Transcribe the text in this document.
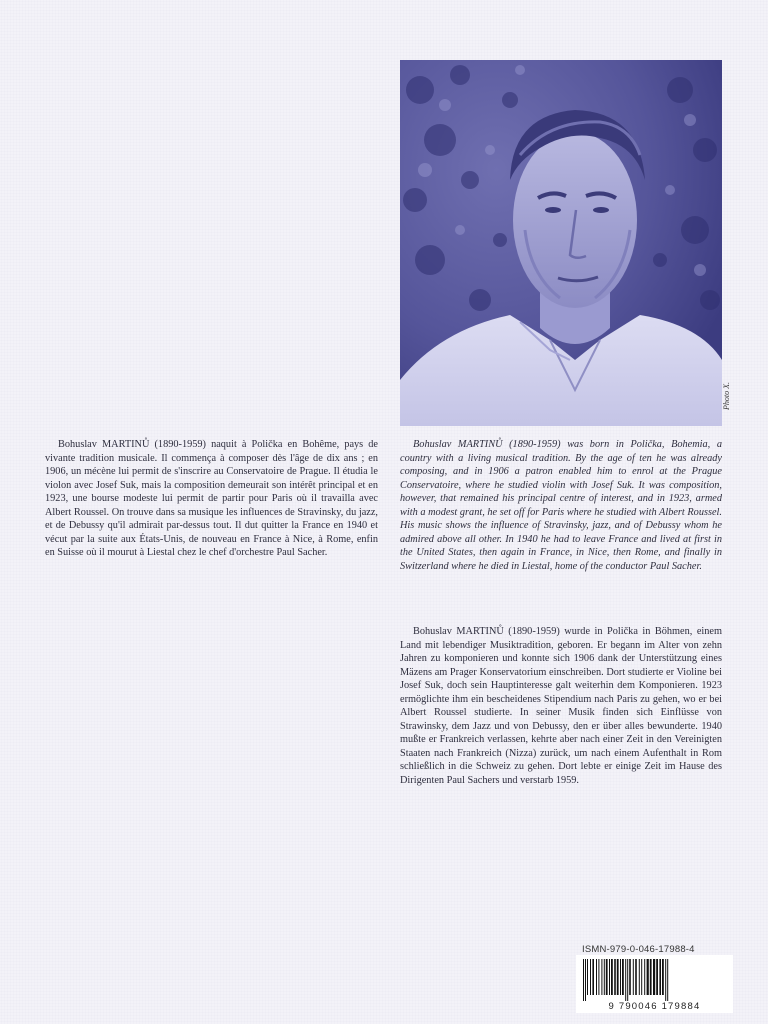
Photo X.

Bohuslav MARTINŮ (1890-1959) naquit à Polička en Bohême, pays de vivante tradition musicale. Il commença à composer dès l'âge de dix ans ; en 1906, un mécène lui permit de s'inscrire au Conservatoire de Prague. Il étudia le violon avec Josef Suk, mais la composition demeurait son intérêt principal et en 1923, une bourse modeste lui permit de partir pour Paris où il travailla avec Albert Roussel. On trouve dans sa musique les influences de Stravinsky, du jazz, et de Debussy qu'il admirait par-dessus tout. Il dut quitter la France en 1940 et vécut par la suite aux États-Unis, de nouveau en France à Nice, à Rome, enfin en Suisse où il mourut à Liestal chez le chef d'orchestre Paul Sacher.

Bohuslav MARTINŮ (1890-1959) was born in Polička, Bohemia, a country with a living musical tradition. By the age of ten he was already composing, and in 1906 a patron enabled him to enrol at the Prague Conservatoire, where he studied violin with Josef Suk. It was composition, however, that remained his principal centre of interest, and in 1923, armed with a modest grant, he set off for Paris where he studied with Albert Roussel. His music shows the influence of Stravinsky, jazz, and of Debussy whom he admired above all other. In 1940 he had to leave France and lived at first in the United States, then again in France, in Nice, then Rome, and finally in Switzerland where he died in Liestal, home of the conductor Paul Sacher.

Bohuslav MARTINŮ (1890-1959) wurde in Polička in Böhmen, einem Land mit lebendiger Musiktradition, geboren. Er begann im Alter von zehn Jahren zu komponieren und konnte sich 1906 dank der Unterstützung eines Mäzens am Prager Konservatorium einschreiben. Dort studierte er Violine bei Josef Suk, doch sein Hauptinteresse galt weiterhin dem Komponieren. 1923 ermöglichte ihm ein bescheidenes Stipendium nach Paris zu gehen, wo er bei Albert Roussel studierte. In seiner Musik finden sich Einflüsse von Strawinsky, dem Jazz und von Debussy, den er über alles bewunderte. 1940 mußte er Frankreich verlassen, kehrte aber nach einer Zeit in den Vereinigten Staaten nach Frankreich (Nizza) zurück, um nach einem Aufenthalt in Rom schließlich in die Schweiz zu gehen. Dort lebte er einige Zeit im Hause des Dirigenten Paul Sachers und verstarb 1959.

ISMN-979-0-046-17988-4
9 790046 179884
